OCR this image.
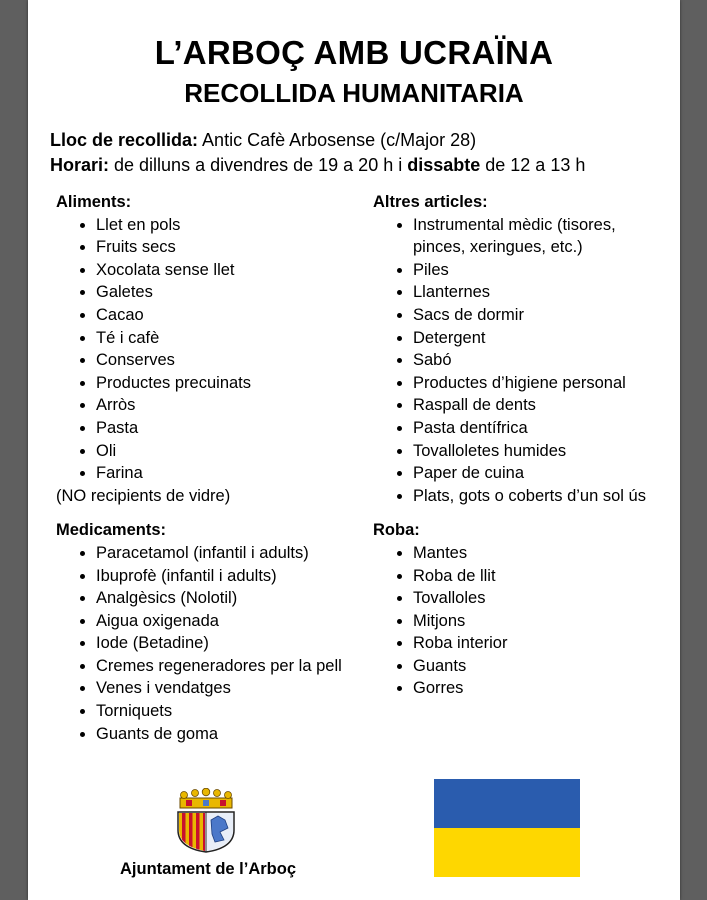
L’ARBOÇ AMB UCRAÏNA
RECOLLIDA HUMANITARIA
Lloc de recollida: Antic Cafè Arbosense (c/Major 28)
Horari: de dilluns a divendres de 19 a 20 h i dissabte de 12 a 13 h
Aliments:
• Llet en pols
• Fruits secs
• Xocolata sense llet
• Galetes
• Cacao
• Té i cafè
• Conserves
• Productes precuinats
• Arròs
• Pasta
• Oli
• Farina
(NO recipients de vidre)
Medicaments:
• Paracetamol (infantil i adults)
• Ibuprofè (infantil i adults)
• Analgèsics (Nolotil)
• Aigua oxigenada
• Iode (Betadine)
• Cremes regeneradores per la pell
• Venes i vendatges
• Torniquets
• Guants de goma
Altres articles:
• Instrumental mèdic (tisores, pinces, xeringues, etc.)
• Piles
• Llanternes
• Sacs de dormir
• Detergent
• Sabó
• Productes d’higiene personal
• Raspall de dents
• Pasta dentífrica
• Tovalloletes humides
• Paper de cuina
• Plats, gots o coberts d’un sol ús
Roba:
• Mantes
• Roba de llit
• Tovalloles
• Mitjons
• Roba interior
• Guants
• Gorres
Ajuntament de l’Arboç
